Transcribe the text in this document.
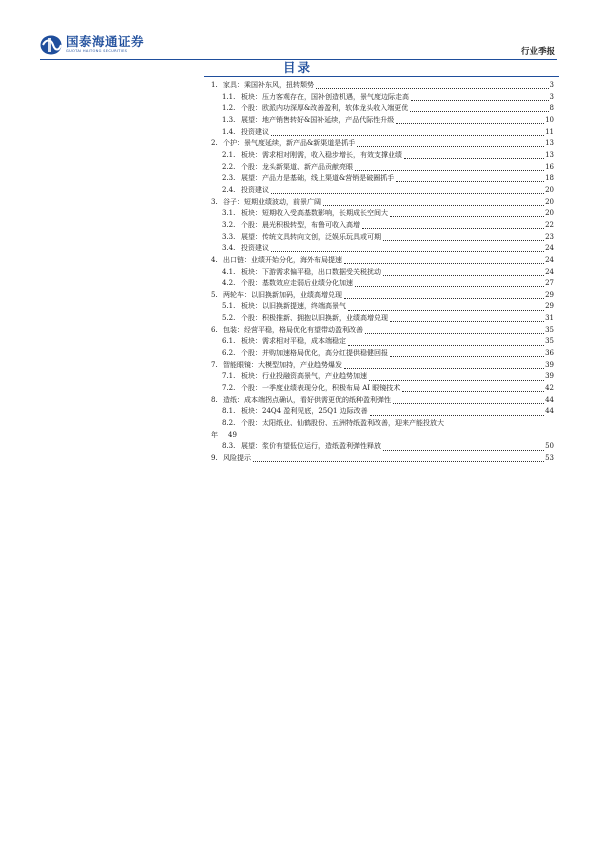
国泰海通证券
GUOTAI HAITONG SECURITIES	行业季报
目录
1. 家具：乘国补东风，扭转颓势	3
1.1. 板块：压力客观存在，国补创造机遇，景气度边际走高	3
1.2. 个股：欧派内功深厚&改善盈利，软体龙头收入端更优	8
1.3. 展望：地产销售转好&国补延续，产品代际性升级	10
1.4. 投资建议	11
2. 个护：景气度延续，新产品&新渠道是抓手	13
2.1. 板块：需求相对刚需，收入稳步增长，有效支撑业绩	13
2.2. 个股：龙头新渠道、新产品贡献亮眼	16
2.3. 展望：产品力是基础，线上渠道&营销是破圈抓手	18
2.4. 投资建议	20
3. 谷子：短期业绩波动，前景广阔	20
3.1. 板块：短期收入受高基数影响，长期成长空间大	20
3.2. 个股：晨光积极转型，布鲁可收入高增	22
3.3. 展望：传统文具转向文创，泛娱乐玩具或可期	23
3.4. 投资建议	24
4. 出口链：业绩开始分化，海外布局提速	24
4.1. 板块：下游需求偏平稳，出口数据受关税扰动	24
4.2. 个股：基数效应走弱后业绩分化加速	27
5. 两轮车：以旧换新加码，业绩高增兑现	29
5.1. 板块：以旧换新提速，终端高景气	29
5.2. 个股：积极推新、拥抱以旧换新，业绩高增兑现	31
6. 包装：经营平稳，格局优化有望带动盈利改善	35
6.1. 板块：需求相对平稳，成本端稳定	35
6.2. 个股：并购加速格局优化，高分红提供稳健回报	36
7. 智能眼镜：大模型加持，产业趋势爆发	39
7.1. 板块：行业投融资高景气，产业趋势加速	39
7.2. 个股：一季度业绩表现分化，积极布局 AI 眼镜技术	42
8. 造纸：成本端拐点确认，看好供需更优的纸种盈利弹性	44
8.1. 板块：24Q4 盈利见底，25Q1 边际改善	44
8.2. 个股：太阳纸业、仙鹤股份、五洲特纸盈利改善，迎来产能投放大
年 49
8.3. 展望：浆价有望低位运行，造纸盈利弹性释放	50
9. 风险提示	53
